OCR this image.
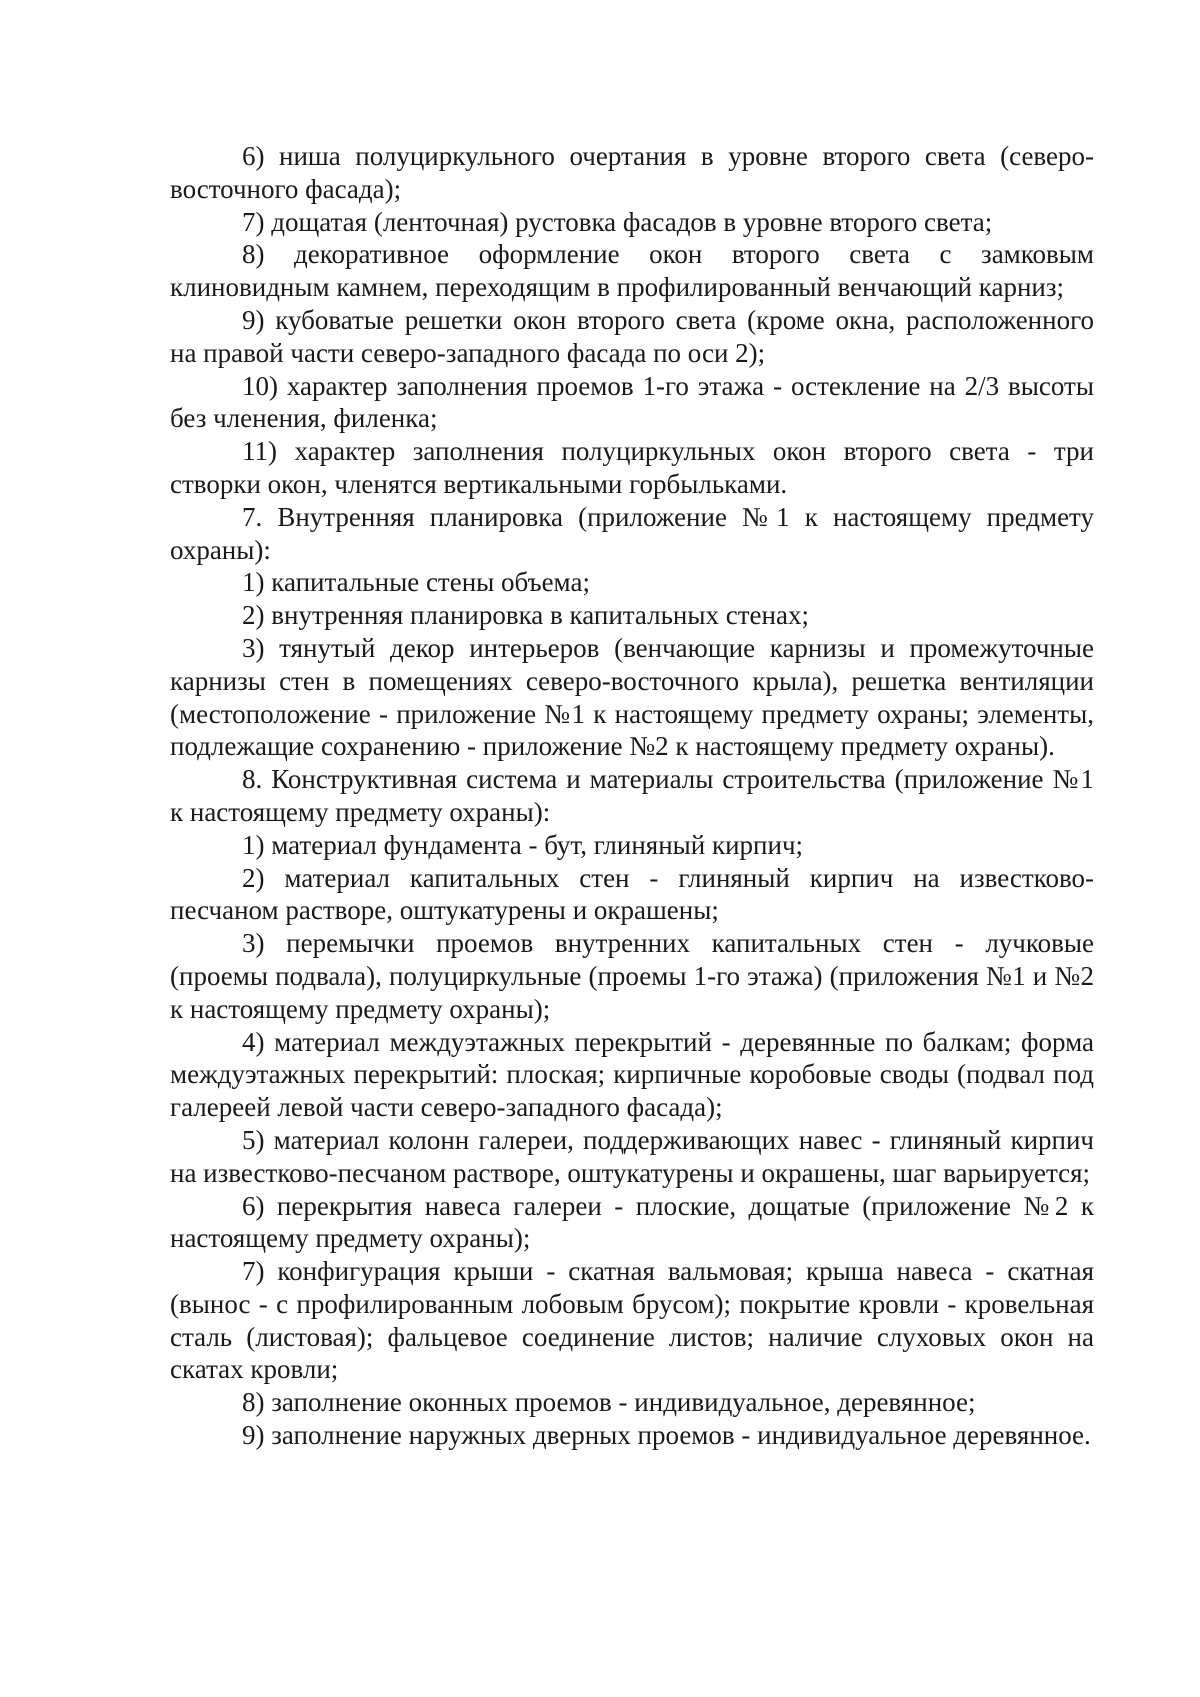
6) ниша полуциркульного очертания в уровне второго света (северо-восточного фасада);

7) дощатая (ленточная) рустовка фасадов в уровне второго света;

8) декоративное оформление окон второго света с замковым клиновидным камнем, переходящим в профилированный венчающий карниз;

9) кубоватые решетки окон второго света (кроме окна, расположенного на правой части северо-западного фасада по оси 2);

10) характер заполнения проемов 1-го этажа - остекление на 2/3 высоты без членения, филенка;

11) характер заполнения полуциркульных окон второго света - три створки окон, членятся вертикальными горбыльками.

7. Внутренняя планировка (приложение №1 к настоящему предмету охраны):

1) капитальные стены объема;

2) внутренняя планировка в капитальных стенах;

3) тянутый декор интерьеров (венчающие карнизы и промежуточные карнизы стен в помещениях северо-восточного крыла), решетка вентиляции (местоположение - приложение №1 к настоящему предмету охраны; элементы, подлежащие сохранению - приложение №2 к настоящему предмету охраны).

8. Конструктивная система и материалы строительства (приложение №1 к настоящему предмету охраны):

1) материал фундамента - бут, глиняный кирпич;

2) материал капитальных стен - глиняный кирпич на известково-песчаном растворе, оштукатурены и окрашены;

3) перемычки проемов внутренних капитальных стен - лучковые (проемы подвала), полуциркульные (проемы 1-го этажа) (приложения №1 и №2 к настоящему предмету охраны);

4) материал междуэтажных перекрытий - деревянные по балкам; форма междуэтажных перекрытий: плоская; кирпичные коробовые своды (подвал под галереей левой части северо-западного фасада);

5) материал колонн галереи, поддерживающих навес - глиняный кирпич на известково-песчаном растворе, оштукатурены и окрашены, шаг варьируется;

6) перекрытия навеса галереи - плоские, дощатые (приложение №2 к настоящему предмету охраны);

7) конфигурация крыши - скатная вальмовая; крыша навеса - скатная (вынос - с профилированным лобовым брусом); покрытие кровли - кровельная сталь (листовая); фальцевое соединение листов; наличие слуховых окон на скатах кровли;

8) заполнение оконных проемов - индивидуальное, деревянное;

9) заполнение наружных дверных проемов - индивидуальное деревянное.
